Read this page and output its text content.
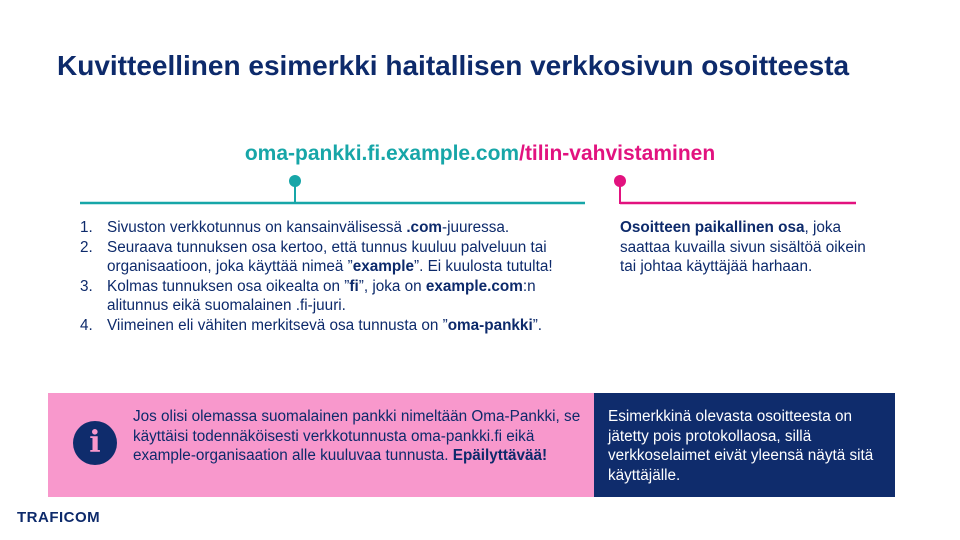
Kuvitteellinen esimerkki haitallisen verkkosivun osoitteesta
oma-pankki.fi.example.com/tilin-vahvistaminen
1. Sivuston verkkotunnus on kansainvälisessä .com-juuressa.
2. Seuraava tunnuksen osa kertoo, että tunnus kuuluu palveluun tai organisaatioon, joka käyttää nimeä ”example”. Ei kuulosta tutulta!
3. Kolmas tunnuksen osa oikealta on ”fi”, joka on example.com:n alitunnus eikä suomalainen .fi-juuri.
4. Viimeinen eli vähiten merkitsevä osa tunnusta on ”oma-pankki”.
Osoitteen paikallinen osa, joka saattaa kuvailla sivun sisältöä oikein tai johtaa käyttäjää harhaan.
i
Jos olisi olemassa suomalainen pankki nimeltään Oma-Pankki, se käyttäisi todennäköisesti verkkotunnusta oma-pankki.fi eikä example-organisaation alle kuuluvaa tunnusta. Epäilyttävää!
Esimerkkinä olevasta osoitteesta on jätetty pois protokollaosa, sillä verkkoselaimet eivät yleensä näytä sitä käyttäjälle.
TRAFICOM
